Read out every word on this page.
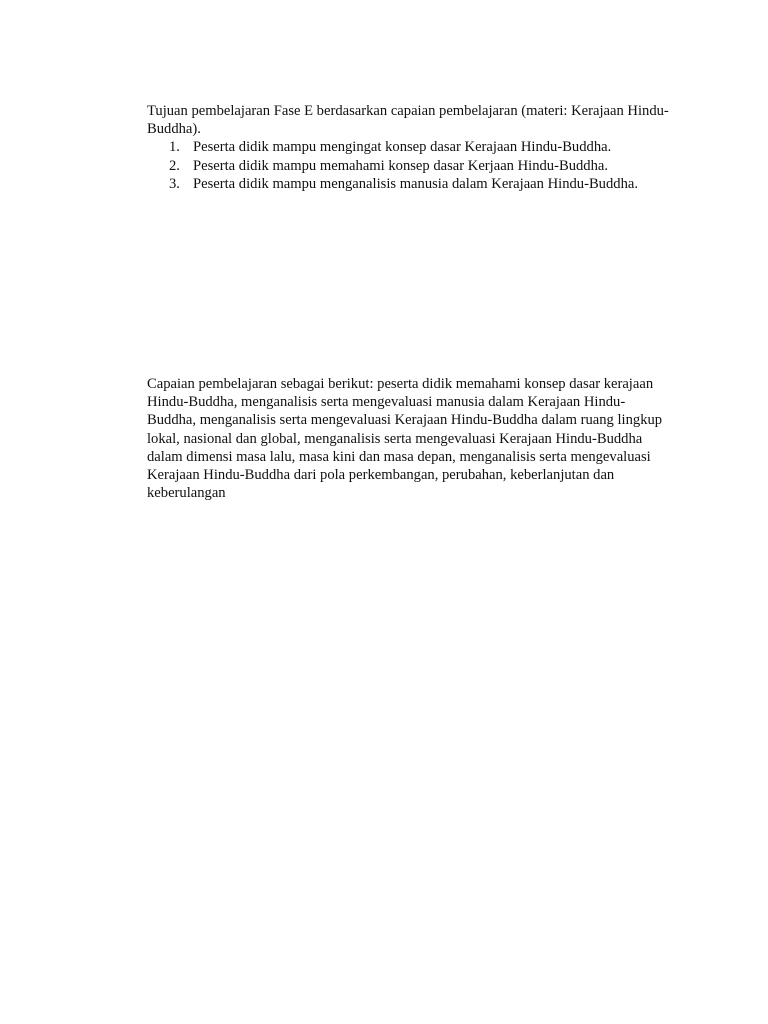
Tujuan pembelajaran Fase E berdasarkan capaian pembelajaran (materi: Kerajaan Hindu-Buddha).

1. Peserta didik mampu mengingat konsep dasar Kerajaan Hindu-Buddha.
2. Peserta didik mampu memahami konsep dasar Kerjaan Hindu-Buddha.
3. Peserta didik mampu menganalisis manusia dalam Kerajaan Hindu-Buddha.

Capaian pembelajaran sebagai berikut: peserta didik memahami konsep dasar kerajaan Hindu-Buddha, menganalisis serta mengevaluasi manusia dalam Kerajaan Hindu-Buddha, menganalisis serta mengevaluasi Kerajaan Hindu-Buddha dalam ruang lingkup lokal, nasional dan global, menganalisis serta mengevaluasi Kerajaan Hindu-Buddha dalam dimensi masa lalu, masa kini dan masa depan, menganalisis serta mengevaluasi Kerajaan Hindu-Buddha dari pola perkembangan, perubahan, keberlanjutan dan keberulangan
